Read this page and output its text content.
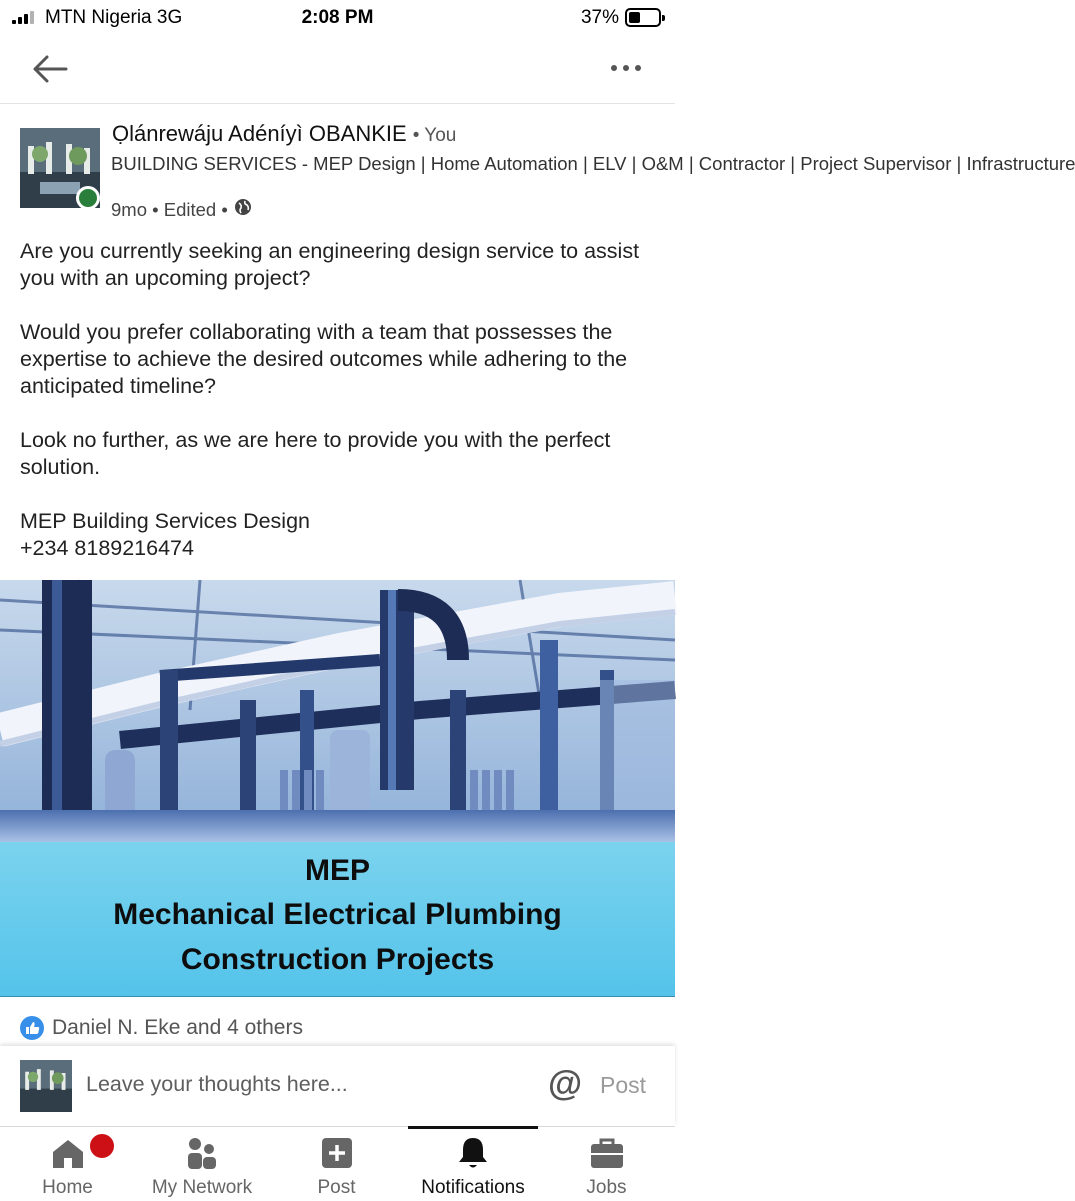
MTN Nigeria 3G	2:08 PM	37%
Ọlánrewáju Adéníyì OBANKIE • You
BUILDING SERVICES - MEP Design | Home Automation | ELV | O&M | Contractor | Project Supervisor | Infrastructure
9mo • Edited •

Are you currently seeking an engineering design service to assist you with an upcoming project?

Would you prefer collaborating with a team that possesses the expertise to achieve the desired outcomes while adhering to the anticipated timeline?

Look no further, as we are here to provide you with the perfect solution.

MEP Building Services Design
+234 8189216474

MEP
Mechanical Electrical Plumbing
Construction Projects
Daniel N. Eke and 4 others
Leave your thoughts here...
@ Post
Home	My Network	Post	Notifications	Jobs
